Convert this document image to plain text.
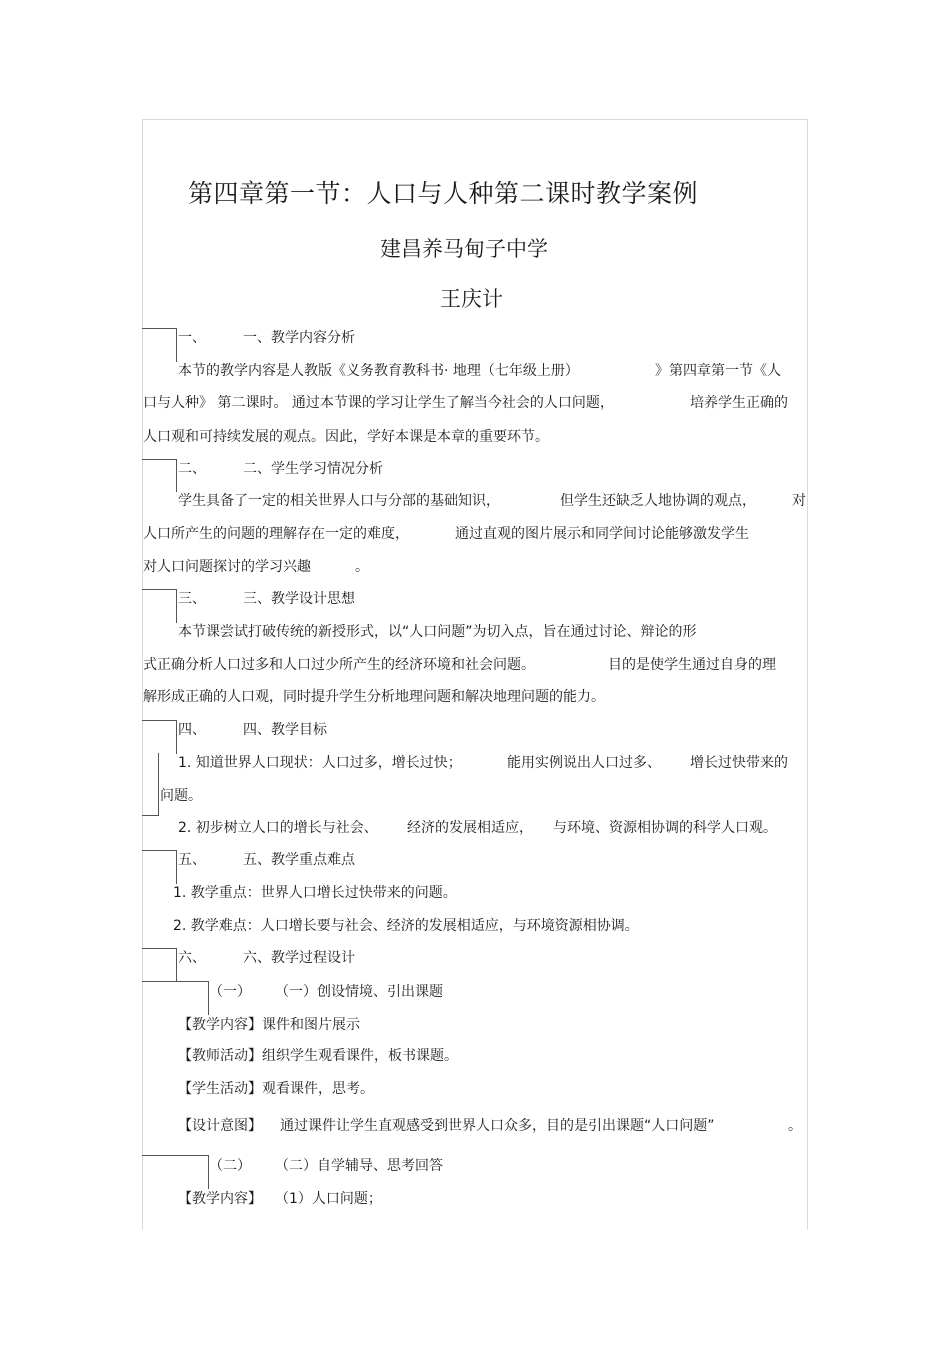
第四章第一节：人口与人种第二课时教学案例
建昌养马甸子中学
王庆计
一、	一、教学内容分析
本节的教学内容是人教版《义务教育教科书· 地理（七年级上册）	》第四章第一节《人
口与人种》 第二课时。 通过本节课的学习让学生了解当今社会的人口问题，	培养学生正确的
人口观和可持续发展的观点。因此，学好本课是本章的重要环节。
二、	二、学生学习情况分析
学生具备了一定的相关世界人口与分部的基础知识，	但学生还缺乏人地协调的观点，	对
人口所产生的问题的理解存在一定的难度，	通过直观的图片展示和同学间讨论能够激发学生
对人口问题探讨的学习兴趣	。
三、	三、教学设计思想
本节课尝试打破传统的新授形式，以“人口问题”为切入点，旨在通过讨论、辩论的形
式正确分析人口过多和人口过少所产生的经济环境和社会问题。	目的是使学生通过自身的理
解形成正确的人口观，同时提升学生分析地理问题和解决地理问题的能力。
四、	四、教学目标
1. 知道世界人口现状：人口过多，增长过快；	能用实例说出人口过多、 增长过快带来的
问题。
2. 初步树立人口的增长与社会、 经济的发展相适应， 与环境、资源相协调的科学人口观。
五、	五、教学重点难点
1. 教学重点：世界人口增长过快带来的问题。
2. 教学难点：人口增长要与社会、经济的发展相适应，与环境资源相协调。
六、	六、教学过程设计
（一） （一）创设情境、引出课题
【教学内容】课件和图片展示
【教师活动】组织学生观看课件，板书课题。
【学生活动】观看课件，思考。
【设计意图】 通过课件让学生直观感受到世界人口众多，目的是引出课题“人口问题”	。
（二） （二）自学辅导、思考回答
【教学内容】 （1）人口问题；
